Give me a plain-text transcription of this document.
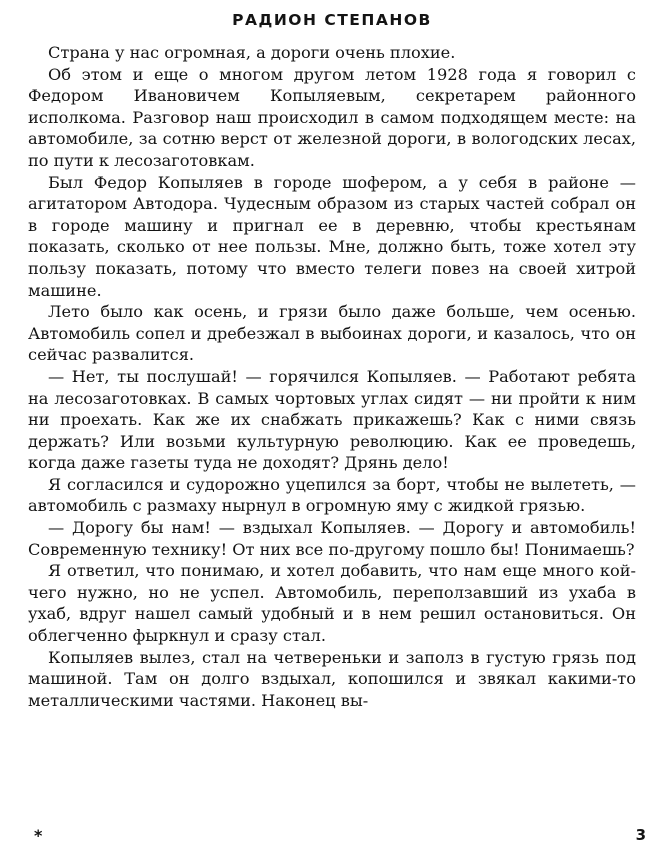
РАДИОН СТЕПАНОВ

Страна у нас огромная, а дороги очень плохие.

Об этом и еще о многом другом летом 1928 года я говорил с Федором Ивановичем Копыляевым, секретарем районного исполкома. Разговор наш происходил в самом подходящем месте: на автомобиле, за сотню верст от железной дороги, в вологодских лесах, по пути к лесозаготовкам.

Был Федор Копыляев в городе шофером, а у себя в районе — агитатором Автодора. Чудесным образом из старых частей собрал он в городе машину и пригнал ее в деревню, чтобы крестьянам показать, сколько от нее пользы. Мне, должно быть, тоже хотел эту пользу показать, потому что вместо телеги повез на своей хитрой машине.

Лето было как осень, и грязи было даже больше, чем осенью. Автомобиль сопел и дребезжал в выбоинах дороги, и казалось, что он сейчас развалится.

— Нет, ты послушай! — горячился Копыляев. — Работают ребята на лесозаготовках. В самых чортовых углах сидят — ни пройти к ним ни проехать. Как же их снабжать прикажешь? Как с ними связь держать? Или возьми культурную революцию. Как ее проведешь, когда даже газеты туда не доходят? Дрянь дело!

Я согласился и судорожно уцепился за борт, чтобы не вылететь, — автомобиль с размаху нырнул в огромную яму с жидкой грязью.

— Дорогу бы нам! — вздыхал Копыляев. — Дорогу и автомобиль! Современную технику! От них все по-другому пошло бы! Понимаешь?

Я ответил, что понимаю, и хотел добавить, что нам еще много кой-чего нужно, но не успел. Автомобиль, переползавший из ухаба в ухаб, вдруг нашел самый удобный и в нем решил остановиться. Он облегченно фыркнул и сразу стал.

Копыляев вылез, стал на четвереньки и заполз в густую грязь под машиной. Там он долго вздыхал, копошился и звякал какими-то металлическими частями. Наконец вы-

*	3
